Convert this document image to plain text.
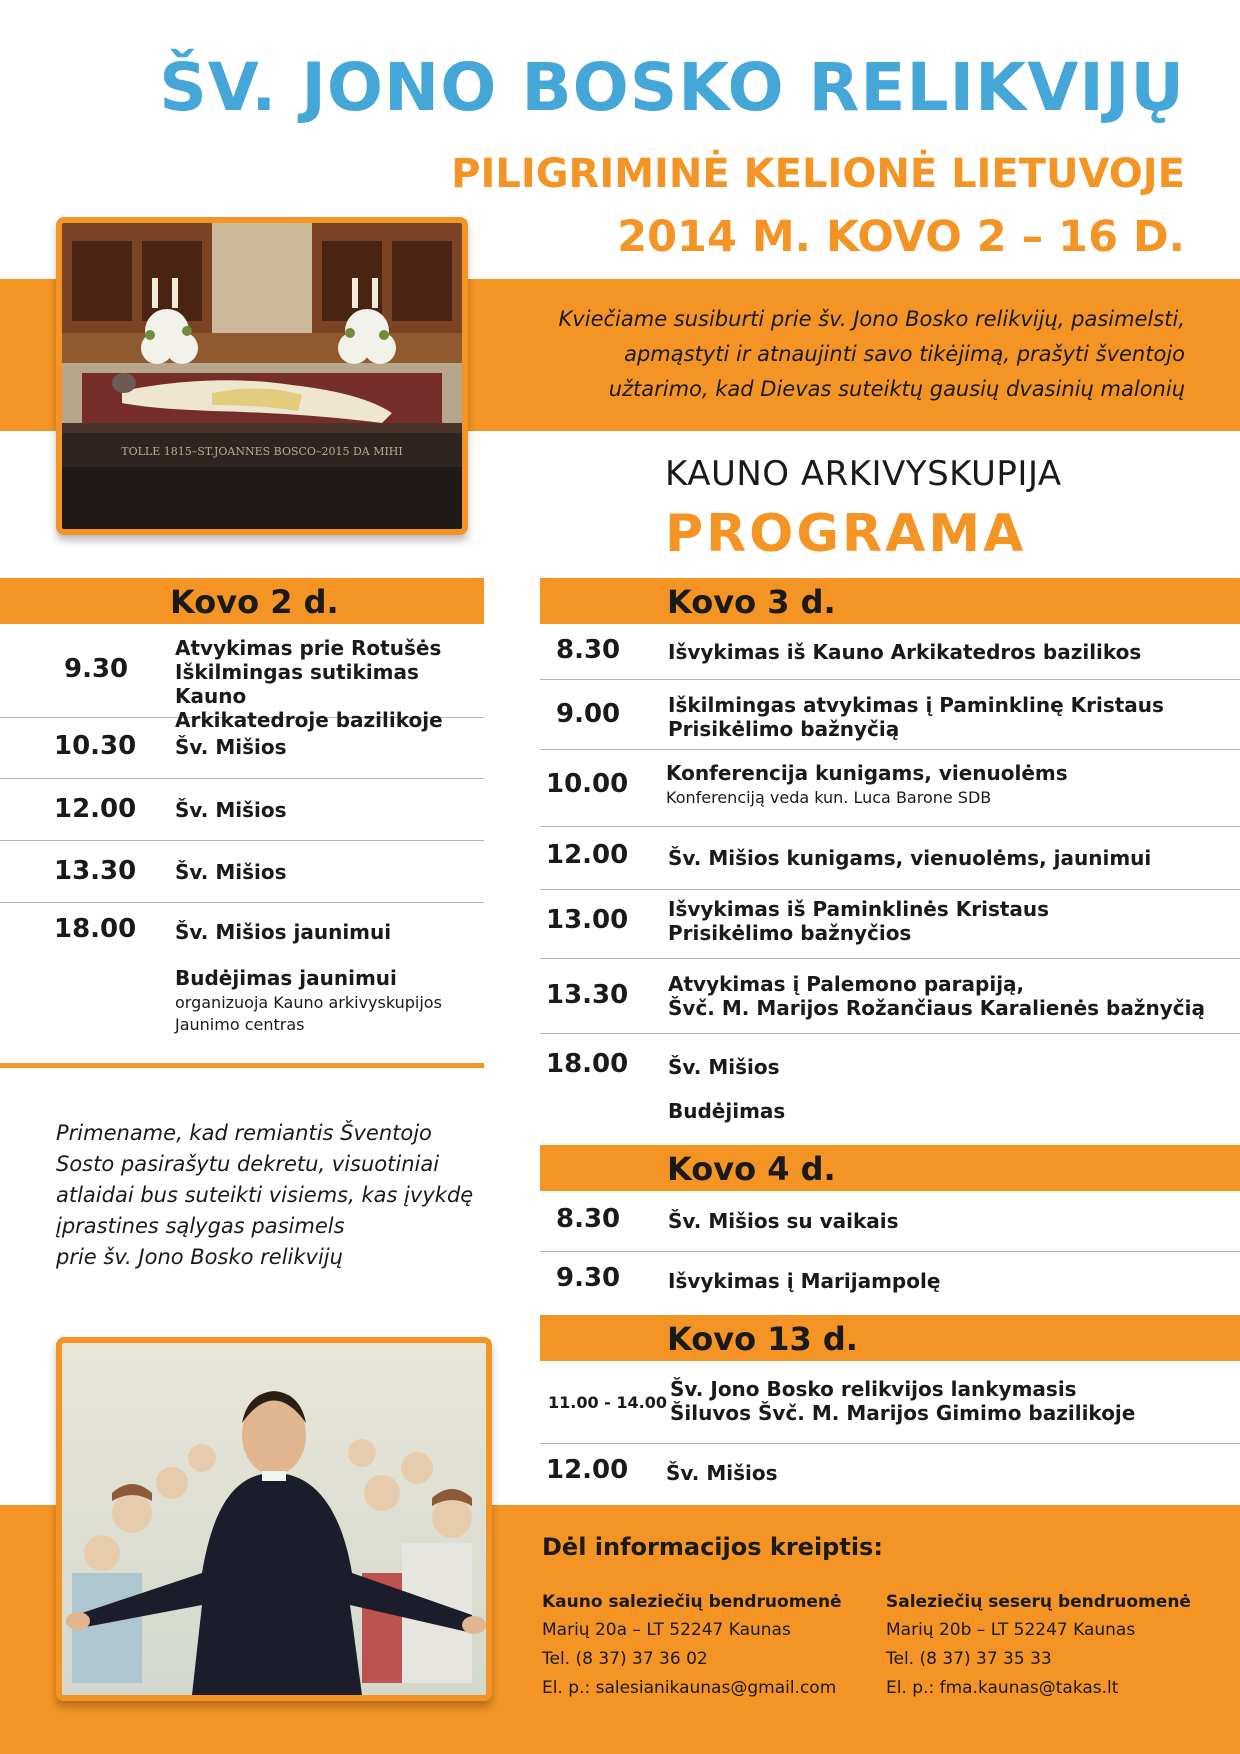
ŠV. JONO BOSKO RELIKVIJŲ
PILIGRIMINĖ KELIONĖ LIETUVOJE
2014 M. KOVO 2 – 16 D.
Kviečiame susiburti prie šv. Jono Bosko relikvijų, pasimelsti,
apmąstyti ir atnaujinti savo tikėjimą, prašyti šventojo
užtarimo, kad Dievas suteiktų gausių dvasinių malonių
TOLLE 1815–ST.JOANNES BOSCO–2015 DA MIHI
KAUNO ARKIVYSKUPIJA
PROGRAMA
Kovo 2 d.
9.30
Atvykimas prie Rotušės
Iškilmingas sutikimas Kauno
Arkikatedroje bazilikoje
10.30 Šv. Mišios
12.00 Šv. Mišios
13.30 Šv. Mišios
18.00 Šv. Mišios jaunimui
Budėjimas jaunimui
organizuoja Kauno arkivyskupijos
Jaunimo centras
Primename, kad remiantis Šventojo
Sosto pasirašytu dekretu, visuotiniai
atlaidai bus suteikti visiems, kas įvykdę
įprastines sąlygas pasimels
prie šv. Jono Bosko relikvijų
Kovo 3 d.
8.30 Išvykimas iš Kauno Arkikatedros bazilikos
9.00 Iškilmingas atvykimas į Paminklinę Kristaus
Prisikėlimo bažnyčią
10.00 Konferencija kunigams, vienuolėms
Konferenciją veda kun. Luca Barone SDB
12.00 Šv. Mišios kunigams, vienuolėms, jaunimui
13.00 Išvykimas iš Paminklinės Kristaus
Prisikėlimo bažnyčios
13.30 Atvykimas į Palemono parapiją,
Švč. M. Marijos Rožančiaus Karalienės bažnyčią
18.00 Šv. Mišios
Budėjimas
Kovo 4 d.
8.30 Šv. Mišios su vaikais
9.30 Išvykimas į Marijampolę
Kovo 13 d.
11.00 - 14.00
Šv. Jono Bosko relikvijos lankymasis
Šiluvos Švč. M. Marijos Gimimo bazilikoje
12.00 Šv. Mišios
Dėl informacijos kreiptis:
Kauno saleziečių bendruomenė
Marių 20a – LT 52247 Kaunas
Tel. (8 37) 37 36 02
El. p.: salesianikaunas@gmail.com
Saleziečių seserų bendruomenė
Marių 20b – LT 52247 Kaunas
Tel. (8 37) 37 35 33
El. p.: fma.kaunas@takas.lt
